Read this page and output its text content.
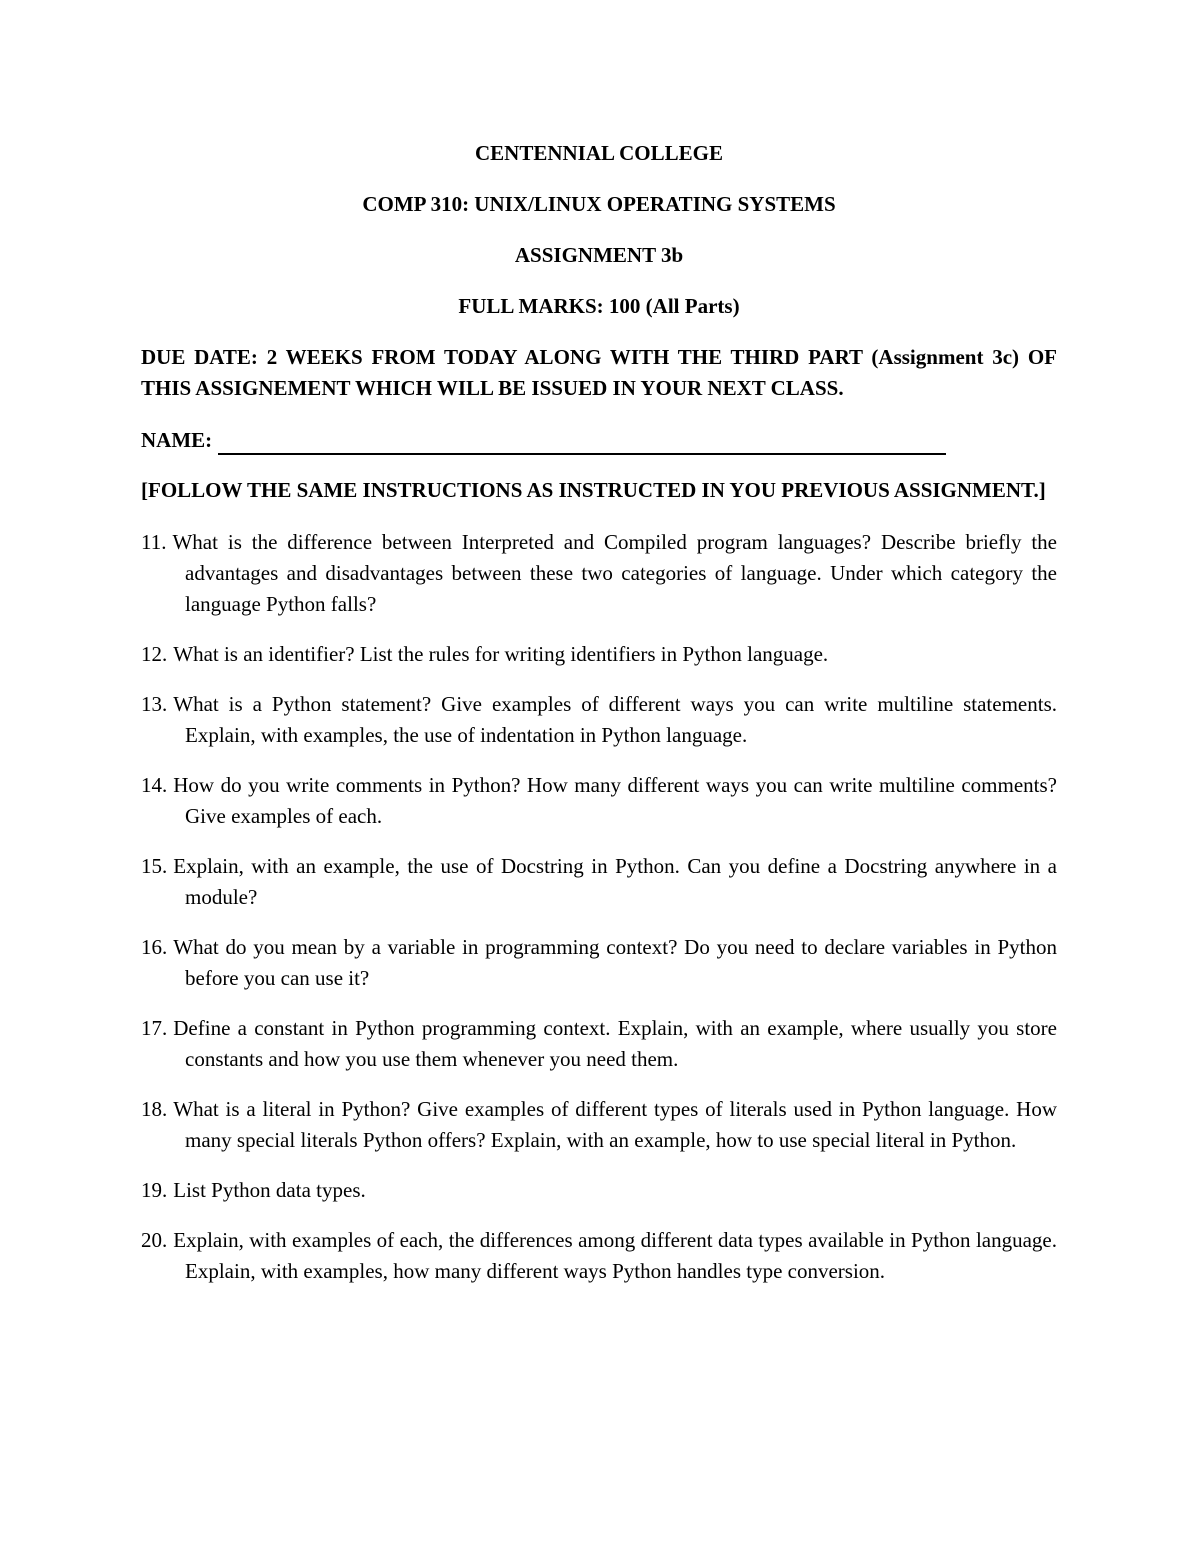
CENTENNIAL COLLEGE
COMP 310: UNIX/LINUX OPERATING SYSTEMS
ASSIGNMENT 3b
FULL MARKS: 100 (All Parts)
DUE DATE: 2 WEEKS FROM TODAY ALONG WITH THE THIRD PART (Assignment 3c) OF THIS ASSIGNEMENT WHICH WILL BE ISSUED IN YOUR NEXT CLASS.
NAME:
[FOLLOW THE SAME INSTRUCTIONS AS INSTRUCTED IN YOU PREVIOUS ASSIGNMENT.]
11. What is the difference between Interpreted and Compiled program languages? Describe briefly the advantages and disadvantages between these two categories of language. Under which category the language Python falls?
12. What is an identifier? List the rules for writing identifiers in Python language.
13. What is a Python statement? Give examples of different ways you can write multiline statements. Explain, with examples, the use of indentation in Python language.
14. How do you write comments in Python? How many different ways you can write multiline comments? Give examples of each.
15. Explain, with an example, the use of Docstring in Python. Can you define a Docstring anywhere in a module?
16. What do you mean by a variable in programming context? Do you need to declare variables in Python before you can use it?
17. Define a constant in Python programming context. Explain, with an example, where usually you store constants and how you use them whenever you need them.
18. What is a literal in Python? Give examples of different types of literals used in Python language. How many special literals Python offers? Explain, with an example, how to use special literal in Python.
19. List Python data types.
20. Explain, with examples of each, the differences among different data types available in Python language. Explain, with examples, how many different ways Python handles type conversion.
